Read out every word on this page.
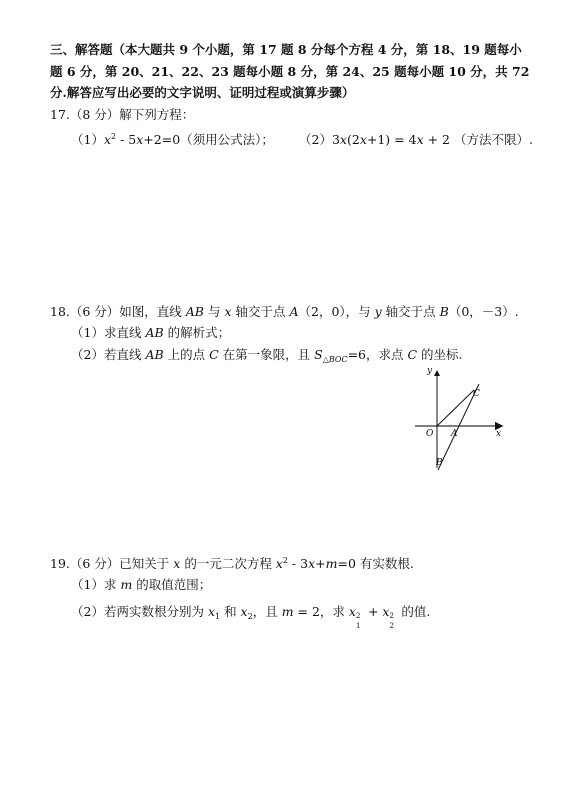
三、解答题（本大题共 9 个小题，第 17 题 8 分每个方程 4 分，第 18、19 题每小
题 6 分，第 20、21、22、23 题每小题 8 分，第 24、25 题每小题 10 分，共 72
分.解答应写出必要的文字说明、证明过程或演算步骤）
17.（8 分）解下列方程：
$(1)x^2 - 5x+2=0$（须用公式法）； （2）3x(2x+1) = 4x + 2 （方法不限）.
18.（6 分）如图，直线 AB 与 x 轴交于点 A（2，0），与 y 轴交于点 B（0，－3）.
（1）求直线 AB 的解析式；
（2）若直线 AB 上的点 C 在第一象限，且 $S_{\triangle BOC}=6$，求点 C 的坐标.
y
x
O A
B
C
19.（6 分）已知关于 x 的一元二次方程 $x^2 - 3x+m=0$ 有实数根.
（1）求 m 的取值范围；
（2）若两实数根分别为 $x_1$ 和 $x_2$，且 m = 2，求 x 2
1
+ x 2
2
的值.
